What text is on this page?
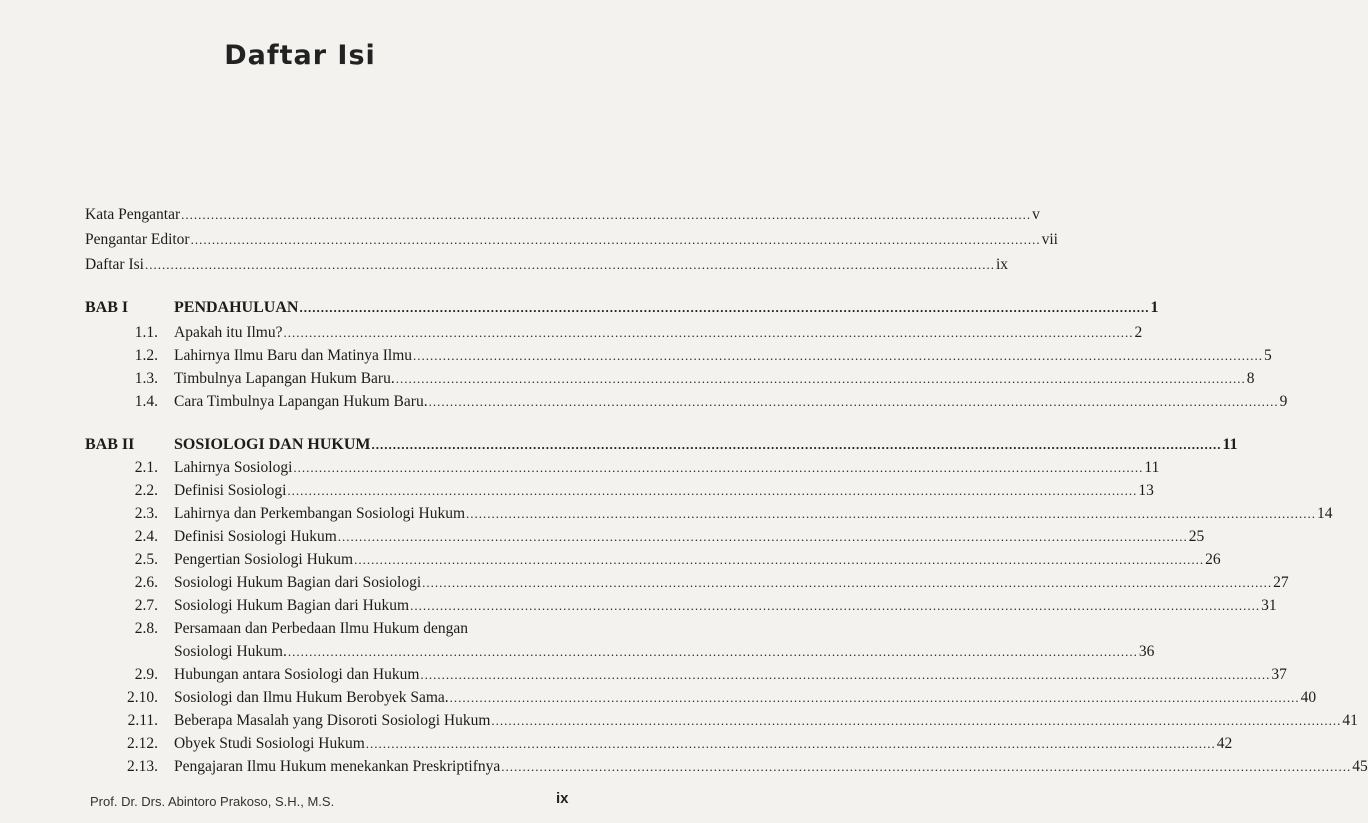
Daftar Isi
Kata Pengantar ........................................................................................................................................................................................................ v
Pengantar Editor ........................................................................................................................................................................................................ vii
Daftar Isi ........................................................................................................................................................................................................ ix
BAB I	PENDAHULUAN ........................................................................................................................................................................................................ 1
1.1. Apakah itu Ilmu? ........................................................................................................................................................................................................ 2
1.2. Lahirnya Ilmu Baru dan Matinya Ilmu ........................................................................................................................................................................................................ 5
1.3. Timbulnya Lapangan Hukum Baru. ........................................................................................................................................................................................................ 8
1.4. Cara Timbulnya Lapangan Hukum Baru. ........................................................................................................................................................................................................ 9
BAB II SOSIOLOGI DAN HUKUM ........................................................................................................................................................................................................ 11
2.1. Lahirnya Sosiologi ........................................................................................................................................................................................................ 11
2.2. Definisi Sosiologi ........................................................................................................................................................................................................ 13
2.3. Lahirnya dan Perkembangan Sosiologi Hukum ........................................................................................................................................................................................................ 14
2.4. Definisi Sosiologi Hukum ........................................................................................................................................................................................................ 25
2.5. Pengertian Sosiologi Hukum ........................................................................................................................................................................................................ 26
2.6. Sosiologi Hukum Bagian dari Sosiologi ........................................................................................................................................................................................................ 27
2.7. Sosiologi Hukum Bagian dari Hukum ........................................................................................................................................................................................................ 31
2.8. Persamaan dan Perbedaan Ilmu Hukum dengan
Sosiologi Hukum. ........................................................................................................................................................................................................ 36
2.9. Hubungan antara Sosiologi dan Hukum ........................................................................................................................................................................................................ 37
2.10. Sosiologi dan Ilmu Hukum Berobyek Sama. ........................................................................................................................................................................................................ 40
2.11. Beberapa Masalah yang Disoroti Sosiologi Hukum ........................................................................................................................................................................................................ 41
2.12. Obyek Studi Sosiologi Hukum ........................................................................................................................................................................................................ 42
2.13. Pengajaran Ilmu Hukum menekankan Preskriptifnya ........................................................................................................................................................................................................ 45
Prof. Dr. Drs. Abintoro Prakoso, S.H., M.S.	ix
